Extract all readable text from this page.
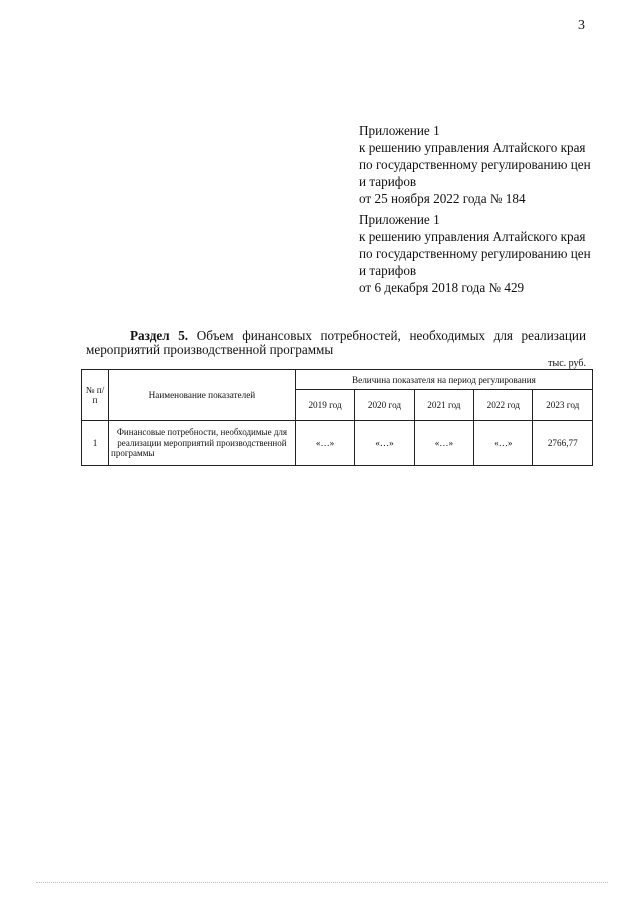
3
Приложение 1
к решению управления Алтайского края
по государственному регулированию цен
и тарифов
от 25 ноября 2022 года № 184
Приложение 1
к решению управления Алтайского края
по государственному регулированию цен
и тарифов
от 6 декабря 2018 года № 429
Раздел 5. Объем финансовых потребностей, необходимых для реализации
мероприятий производственной программы
тыс. руб.
№ п/п	Наименование показателей	Величина показателя на период регулирования				
		2019 год	2020 год	2021 год	2022 год	2023 год
1	Финансовые потребности, необходимые для реализации мероприятий производственной программы	«…»	«…»	«…»	«…»	2766,77
